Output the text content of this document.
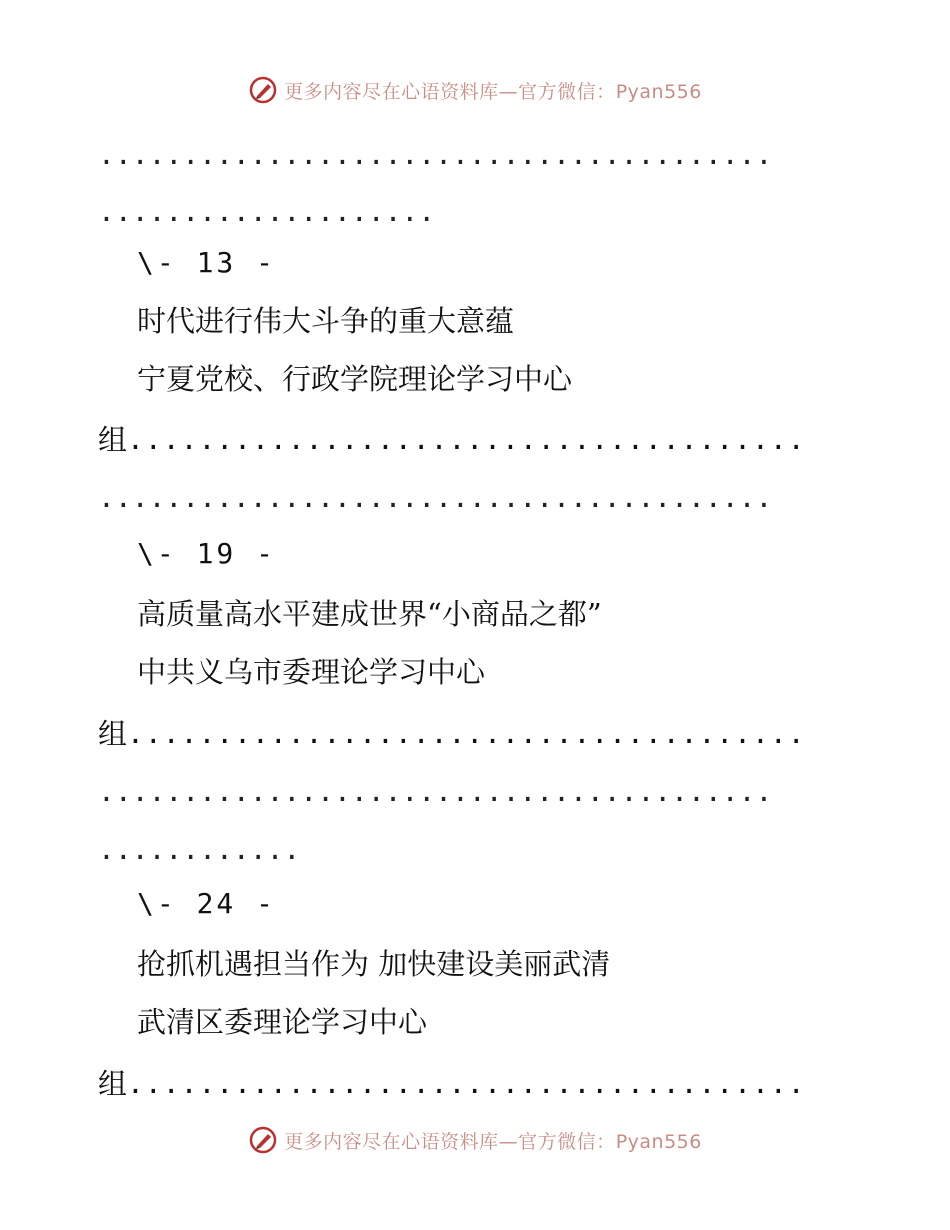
更多内容尽在心语资料库—官方微信：Pyan556
........................................
....................
\- 13 -
时代进行伟大斗争的重大意蕴
宁夏党校、行政学院理论学习中心
组......................................
........................................
\- 19 -
高质量高水平建成世界“小商品之都”
中共义乌市委理论学习中心
组......................................
........................................
............
\- 24 -
抢抓机遇担当作为 加快建设美丽武清
武清区委理论学习中心
组......................................
更多内容尽在心语资料库—官方微信：Pyan556
